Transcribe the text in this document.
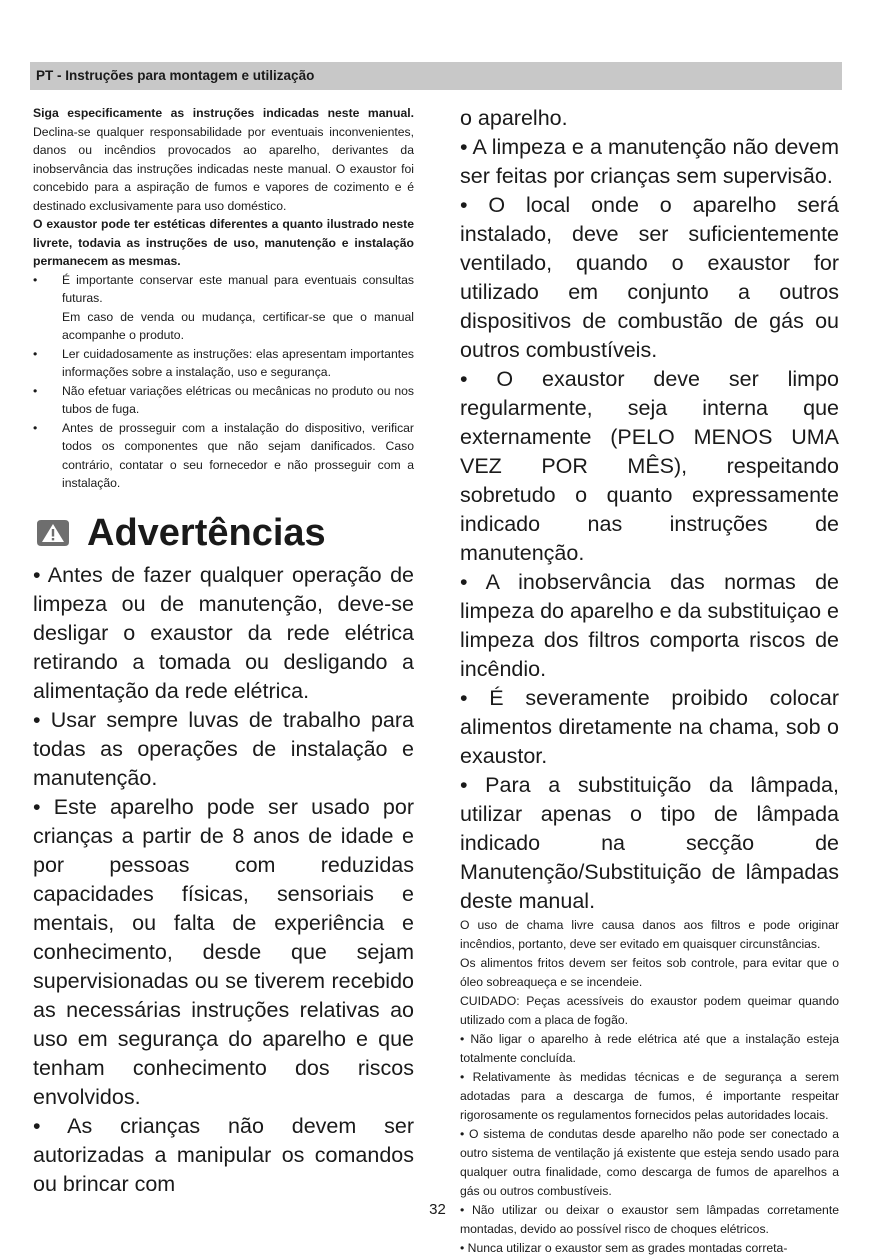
PT - Instruções para montagem e utilização

Siga especificamente as instruções indicadas neste manual. Declina-se qualquer responsabilidade por eventuais inconvenientes, danos ou incêndios provocados ao aparelho, derivantes da inobservância das instruções indicadas neste manual. O exaustor foi concebido para a aspiração de fumos e vapores de cozimento e é destinado exclusivamente para uso doméstico.

O exaustor pode ter estéticas diferentes a quanto ilustrado neste livrete, todavia as instruções de uso, manutenção e instalação permanecem as mesmas.

• É importante conservar este manual para eventuais consultas futuras.
Em caso de venda ou mudança, certificar-se que o manual acompanhe o produto.
• Ler cuidadosamente as instruções: elas apresentam importantes informações sobre a instalação, uso e segurança.
• Não efetuar variações elétricas ou mecânicas no produto ou nos tubos de fuga.
• Antes de prosseguir com a instalação do dispositivo, verificar todos os componentes que não sejam danificados. Caso contrário, contatar o seu fornecedor e não prosseguir com a instalação.
Advertências

• Antes de fazer qualquer operação de limpeza ou de manutenção, deve-se desligar o exaustor da rede elétrica retirando a tomada ou desligando a alimentação da rede elétrica.

• Usar sempre luvas de trabalho para todas as operações de instalação e manutenção.

• Este aparelho pode ser usado por crianças a partir de 8 anos de idade e por pessoas com reduzidas capacidades físicas, sensoriais e mentais, ou falta de experiência e conhecimento, desde que sejam supervisionadas ou se tiverem recebido as necessárias instruções relativas ao uso em segurança do aparelho e que tenham conhecimento dos riscos envolvidos.

• As crianças não devem ser autorizadas a manipular os comandos ou brincar com

o aparelho.

• A limpeza e a manutenção não devem ser feitas por crianças sem supervisão.

• O local onde o aparelho será instalado, deve ser suficientemente ventilado, quando o exaustor for utilizado em conjunto a outros dispositivos de combustão de gás ou outros combustíveis.

• O exaustor deve ser limpo regularmente, seja interna que externamente (PELO MENOS UMA VEZ POR MÊS), respeitando sobretudo o quanto expressamente indicado nas instruções de manutenção.

• A inobservância das normas de limpeza do aparelho e da substituiçao e limpeza dos filtros comporta riscos de incêndio.

• É severamente proibido colocar alimentos diretamente na chama, sob o exaustor.

• Para a substituição da lâmpada, utilizar apenas o tipo de lâmpada indicado na secção de Manutenção/Substituição de lâmpadas deste manual.

O uso de chama livre causa danos aos filtros e pode originar incêndios, portanto, deve ser evitado em quaisquer circunstâncias.

Os alimentos fritos devem ser feitos sob controle, para evitar que o óleo sobreaqueça e se incendeie.

CUIDADO: Peças acessíveis do exaustor podem queimar quando utilizado com a placa de fogão.

• Não ligar o aparelho à rede elétrica até que a instalação esteja totalmente concluída.

• Relativamente às medidas técnicas e de segurança a serem adotadas para a descarga de fumos, é importante respeitar rigorosamente os regulamentos fornecidos pelas autoridades locais.

• O sistema de condutas desde aparelho não pode ser conectado a outro sistema de ventilação já existente que esteja sendo usado para qualquer outra finalidade, como descarga de fumos de aparelhos a gás ou outros combustíveis.

• Não utilizar ou deixar o exaustor sem lâmpadas corretamente montadas, devido ao possível risco de choques elétricos.

• Nunca utilizar o exaustor sem as grades montadas correta-

32
